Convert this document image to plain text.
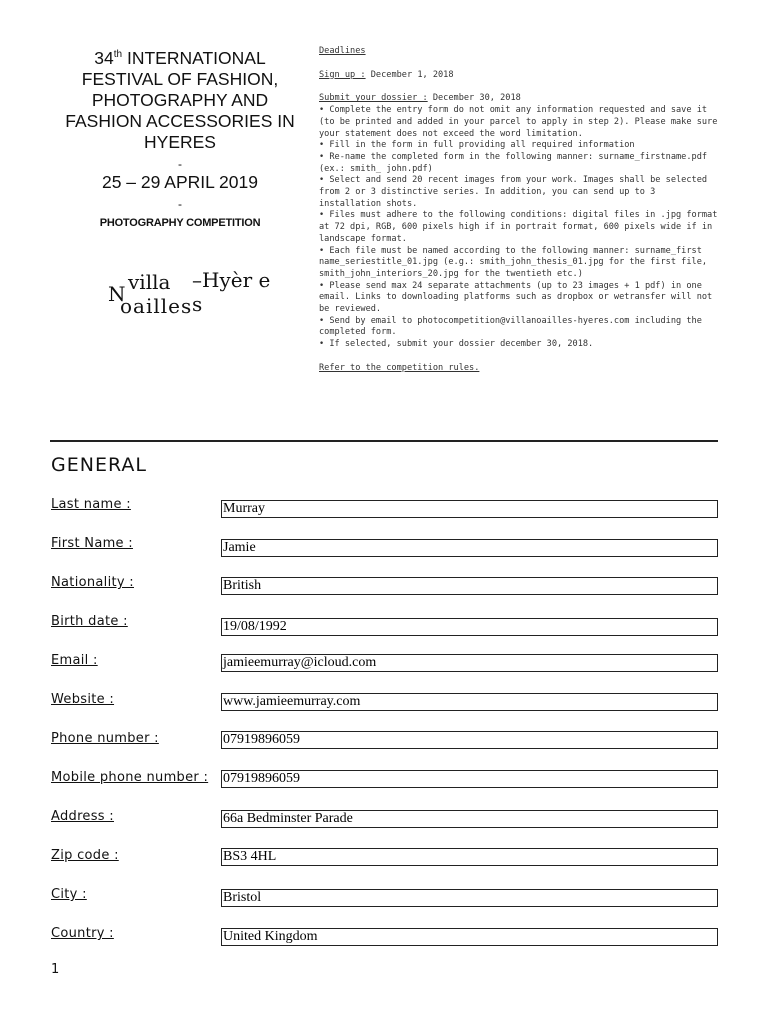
34th INTERNATIONAL
FESTIVAL OF FASHION,
PHOTOGRAPHY AND
FASHION ACCESSORIES IN
HYERES
-
25 – 29 APRIL 2019
-
PHOTOGRAPHY COMPETITION
N villa
oailles
–Hyèr e s

Deadlines

Sign up : December 1, 2018

Submit your dossier : December 30, 2018

• Complete the entry form do not omit any information requested and save it (to be printed and added in your parcel to apply in step 2). Please make sure your statement does not exceed the word limitation.

• Fill in the form in full providing all required information

• Re-name the completed form in the following manner: surname_firstname.pdf (ex.: smith_ john.pdf)

• Select and send 20 recent images from your work. Images shall be selected from 2 or 3 distinctive series. In addition, you can send up to 3 installation shots.

• Files must adhere to the following conditions: digital files in .jpg format at 72 dpi, RGB, 600 pixels high if in portrait format, 600 pixels wide if in landscape format.

• Each file must be named according to the following manner: surname_first name_seriestitle_01.jpg (e.g.: smith_john_thesis_01.jpg for the first file, smith_john_interiors_20.jpg for the twentieth etc.)

• Please send max 24 separate attachments (up to 23 images + 1 pdf) in one email. Links to downloading platforms such as dropbox or wetransfer will not be reviewed.

• Send by email to photocompetition@villanoailles-hyeres.com including the completed form.

• If selected, submit your dossier december 30, 2018.

Refer to the competition rules.

GENERAL
Last name :	Murray
First Name :	Jamie
Nationality :	British
Birth date :	19/08/1992
Email :	jamieemurray@icloud.com
Website :	www.jamieemurray.com
Phone number :	07919896059
Mobile phone number : 07919896059
Address :	66a Bedminster Parade
Zip code :	BS3 4HL
City :	Bristol
Country :	United Kingdom
1
